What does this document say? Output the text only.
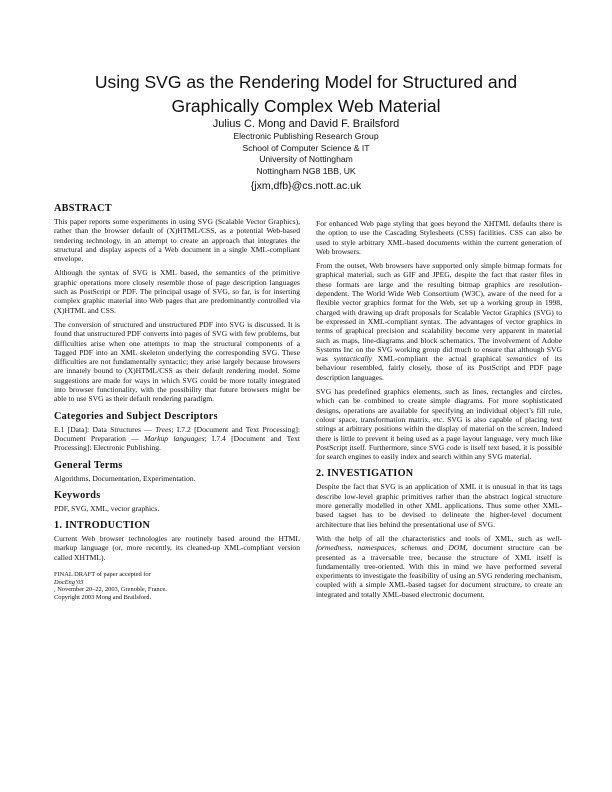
Using SVG as the Rendering Model for Structured and
Graphically Complex Web Material
Julius C. Mong and David F. Brailsford
Electronic Publishing Research Group
School of Computer Science & IT
University of Nottingham
Nottingham NG8 1BB, UK
{jxm,dfb}@cs.nott.ac.uk
ABSTRACT

This paper reports some experiments in using SVG (Scalable Vector Graphics), rather than the browser default of (X)HTML/CSS, as a potential Web-based rendering technology, in an attempt to create an approach that integrates the structural and display aspects of a Web document in a single XML-compliant envelope.

Although the syntax of SVG is XML based, the semantics of the primitive graphic operations more closely resemble those of page description languages such as PostScript or PDF. The principal usage of SVG, so far, is for inserting complex graphic material into Web pages that are predominantly controlled via (X)HTML and CSS.

The conversion of structured and unstructured PDF into SVG is discussed. It is found that unstructured PDF converts into pages of SVG with few problems, but difficulties arise when one attempts to map the structural components of a Tagged PDF into an XML skeleton underlying the corresponding SVG. These difficulties are not fundamentally syntactic; they arise largely because browsers are innately bound to (X)HTML/CSS as their default rendering model. Some suggestions are made for ways in which SVG could be more totally integrated into browser functionality, with the possibility that future browsers might be able to use SVG as their default rendering paradigm.

Categories and Subject Descriptors

E.1 [Data]: Data Structures — Trees; I.7.2 [Document and Text Processing]: Document Preparation — Markup languages; I.7.4 [Document and Text Processing]: Electronic Publishing.

General Terms

Algorithms, Documentation, Experimentation.

Keywords

PDF, SVG, XML, vector graphics.

1. INTRODUCTION

Current Web browser technologies are routinely based around the HTML markup language (or, more recently, its cleaned-up XML-compliant version called XHTML).

FINAL DRAFT of paper accepted for
DocEng’03
, November 20–22, 2003, Grenoble, France.
Copyright 2003 Mong and Brailsford.

For enhanced Web page styling that goes beyond the XHTML defaults there is the option to use the Cascading Stylesheets (CSS) facilities. CSS can also be used to style arbitrary XML-based documents within the current generation of Web browsers.

From the outset, Web browsers have supported only simple bitmap formats for graphical material, such as GIF and JPEG, despite the fact that raster files in these formats are large and the resulting bitmap graphics are resolution-dependent. The World Wide Web Consortium (W3C), aware of the need for a flexible vector graphics format for the Web, set up a working group in 1998, charged with drawing up draft proposals for Scalable Vector Graphics (SVG) to be expressed in XML-compliant syntax. The advantages of vector graphics in terms of graphical precision and scalability become very apparent in material such as maps, line-diagrams and block schematics. The involvement of Adobe Systems Inc on the SVG working group did much to ensure that although SVG was syntactically XML-compliant the actual graphical semantics of its behaviour resembled, fairly closely, those of its PostScript and PDF page description languages.

SVG has predefined graphics elements, such as lines, rectangles and circles, which can be combined to create simple diagrams. For more sophisticated designs, operations are available for specifying an individual object’s fill rule, colour space, transformation matrix, etc. SVG is also capable of placing text strings at arbitrary positions within the display of material on the screen. Indeed there is little to prevent it being used as a page layout language, very much like PostScript itself. Furthermore, since SVG code is itself text based, it is possible for search engines to easily index and search within any SVG material.

2. INVESTIGATION

Despite the fact that SVG is an application of XML it is unusual in that its tags describe low-level graphic primitives rather than the abstract logical structure more generally modelled in other XML applications. Thus some other XML-based tagset has to be devised to delineate the higher-level document architecture that lies behind the presentational use of SVG.

With the help of all the characteristics and tools of XML, such as well-formedness, namespaces, schemas and DOM, document structure can be presented as a traversable tree, because the structure of XML itself is fundamentally tree-oriented. With this in mind we have performed several experiments to investigate the feasibility of using an SVG rendering mechanism, coupled with a simple XML-based tagset for document structure, to create an integrated and totally XML-based electronic document.
